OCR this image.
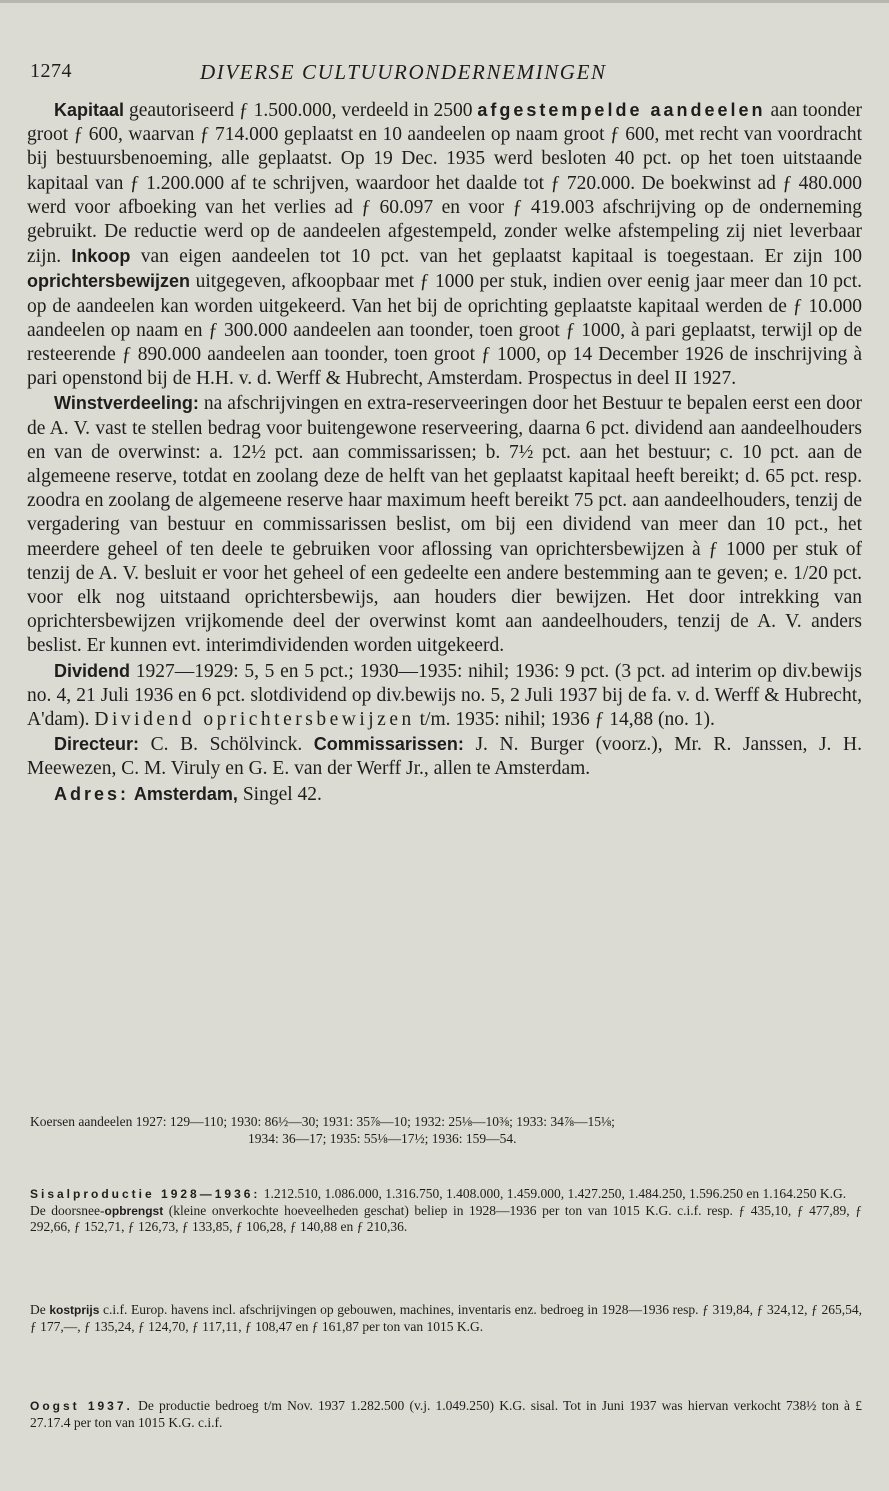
1274	DIVERSE CULTUURONDERNEMINGEN

Kapitaal geautoriseerd ƒ 1.500.000, verdeeld in 2500 afgestempelde aandeelen aan toonder groot ƒ 600, waarvan ƒ 714.000 geplaatst en 10 aandeelen op naam groot ƒ 600, met recht van voordracht bij bestuursbenoeming, alle geplaatst. Op 19 Dec. 1935 werd besloten 40 pct. op het toen uitstaande kapitaal van ƒ 1.200.000 af te schrijven, waardoor het daalde tot ƒ 720.000. De boekwinst ad ƒ 480.000 werd voor afboeking van het verlies ad ƒ 60.097 en voor ƒ 419.003 afschrijving op de onderneming gebruikt. De reductie werd op de aandeelen afgestempeld, zonder welke afstempeling zij niet leverbaar zijn. Inkoop van eigen aandeelen tot 10 pct. van het geplaatst kapitaal is toegestaan. Er zijn 100 oprichtersbewijzen uitgegeven, afkoopbaar met ƒ 1000 per stuk, indien over eenig jaar meer dan 10 pct. op de aandeelen kan worden uitgekeerd. Van het bij de oprichting geplaatste kapitaal werden de ƒ 10.000 aandeelen op naam en ƒ 300.000 aandeelen aan toonder, toen groot ƒ 1000, à pari geplaatst, terwijl op de resteerende ƒ 890.000 aandeelen aan toonder, toen groot ƒ 1000, op 14 December 1926 de inschrijving à pari openstond bij de H.H. v. d. Werff & Hubrecht, Amsterdam. Prospectus in deel II 1927.

Winstverdeeling: na afschrijvingen en extra-reserveeringen door het Bestuur te bepalen eerst een door de A. V. vast te stellen bedrag voor buitengewone reserveering, daarna 6 pct. dividend aan aandeelhouders en van de overwinst: a. 12½ pct. aan commissarissen; b. 7½ pct. aan het bestuur; c. 10 pct. aan de algemeene reserve, totdat en zoolang deze de helft van het geplaatst kapitaal heeft bereikt; d. 65 pct. resp. zoodra en zoolang de algemeene reserve haar maximum heeft bereikt 75 pct. aan aandeelhouders, tenzij de vergadering van bestuur en commissarissen beslist, om bij een dividend van meer dan 10 pct., het meerdere geheel of ten deele te gebruiken voor aflossing van oprichtersbewijzen à ƒ 1000 per stuk of tenzij de A. V. besluit er voor het geheel of een gedeelte een andere bestemming aan te geven; e. 1/20 pct. voor elk nog uitstaand oprichtersbewijs, aan houders dier bewijzen. Het door intrekking van oprichtersbewijzen vrijkomende deel der overwinst komt aan aandeelhouders, tenzij de A. V. anders beslist. Er kunnen evt. interimdividenden worden uitgekeerd.

Dividend 1927—1929: 5, 5 en 5 pct.; 1930—1935: nihil; 1936: 9 pct. (3 pct. ad interim op div.bewijs no. 4, 21 Juli 1936 en 6 pct. slotdividend op div.bewijs no. 5, 2 Juli 1937 bij de fa. v. d. Werff & Hubrecht, A'dam). Dividend oprichtersbewijzen t/m. 1935: nihil; 1936 ƒ 14,88 (no. 1).

Directeur: C. B. Schölvinck. Commissarissen: J. N. Burger (voorz.), Mr. R. Janssen, J. H. Meewezen, C. M. Viruly en G. E. van der Werff Jr., allen te Amsterdam.

Adres: Amsterdam, Singel 42.

Koersen aandeelen 1927: 129—110; 1930: 86½—30; 1931: 35⅞—10; 1932: 25⅛—10⅜; 1933: 34⅞—15⅛;

1934: 36—17; 1935: 55⅛—17½; 1936: 159—54.

Sisalproductie 1928—1936: 1.212.510, 1.086.000, 1.316.750, 1.408.000, 1.459.000, 1.427.250, 1.484.250, 1.596.250 en 1.164.250 K.G.

De doorsnee-opbrengst (kleine onverkochte hoeveelheden geschat) beliep in 1928—1936 per ton van 1015 K.G. c.i.f. resp. ƒ 435,10, ƒ 477,89, ƒ 292,66, ƒ 152,71, ƒ 126,73, ƒ 133,85, ƒ 106,28, ƒ 140,88 en ƒ 210,36.

De kostprijs c.i.f. Europ. havens incl. afschrijvingen op gebouwen, machines, inventaris enz. bedroeg in 1928—1936 resp. ƒ 319,84, ƒ 324,12, ƒ 265,54, ƒ 177,—, ƒ 135,24, ƒ 124,70, ƒ 117,11, ƒ 108,47 en ƒ 161,87 per ton van 1015 K.G.

Oogst 1937. De productie bedroeg t/m Nov. 1937 1.282.500 (v.j. 1.049.250) K.G. sisal. Tot in Juni 1937 was hiervan verkocht 738½ ton à £ 27.17.4 per ton van 1015 K.G. c.i.f.
